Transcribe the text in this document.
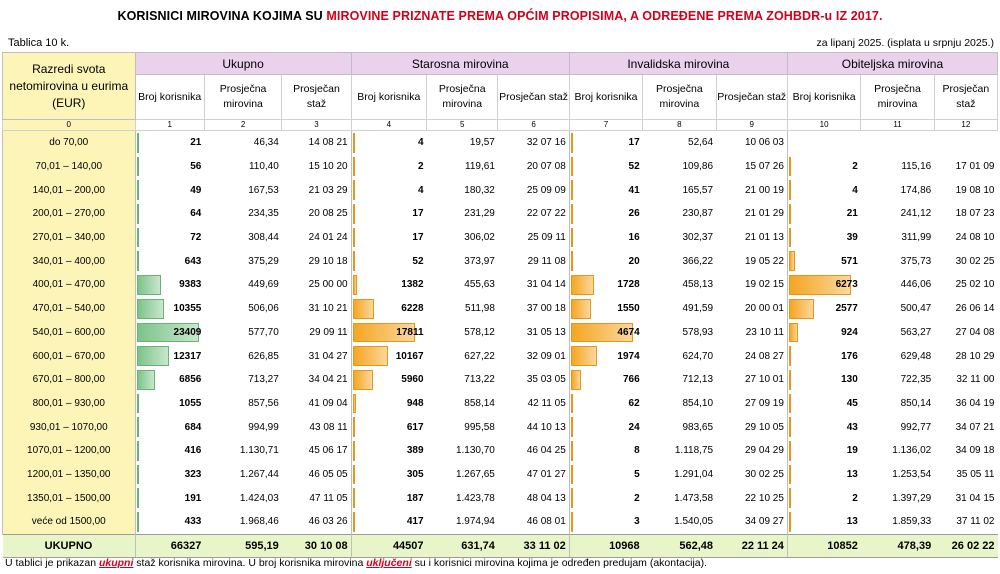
KORISNICI MIROVINA KOJIMA SU MIROVINE PRIZNATE PREMA OPĆIM PROPISIMA, A ODREĐENE PREMA ZOHBDR-u IZ 2017.
Tablica 10 k.	za lipanj 2025. (isplata u srpnju 2025.)
Razredi svota netomirovina u eurima (EUR)	Ukupno			Starosna mirovina			Invalidska mirovina			Obiteljska mirovina		
	Broj korisnika	Prosječna mirovina	Prosječan staž	Broj korisnika	Prosječna mirovina	Prosječan staž	Broj korisnika	Prosječna mirovina	Prosječan staž	Broj korisnika	Prosječna mirovina	Prosječan staž
0	1	2	3	4	5	6	7	8	9	10	11	12
do 70,00	21	46,34	14 08 21	4	19,57	32 07 16	17	52,64	10 06 03			
70,01 – 140,00	56	110,40	15 10 20	2	119,61	20 07 08	52	109,86	15 07 26	2	115,16	17 01 09
140,01 – 200,00	49	167,53	21 03 29	4	180,32	25 09 09	41	165,57	21 00 19	4	174,86	19 08 10
200,01 – 270,00	64	234,35	20 08 25	17	231,29	22 07 22	26	230,87	21 01 29	21	241,12	18 07 23
270,01 – 340,00	72	308,44	24 01 24	17	306,02	25 09 11	16	302,37	21 01 13	39	311,99	24 08 10
340,01 – 400,00	643	375,29	29 10 18	52	373,97	29 11 08	20	366,22	19 05 22	571	375,73	30 02 25
400,01 – 470,00	9383	449,69	25 00 00	1382	455,63	31 04 14	1728	458,13	19 02 15	6273	446,06	25 02 10
470,01 – 540,00	10355	506,06	31 10 21	6228	511,98	37 00 18	1550	491,59	20 00 01	2577	500,47	26 06 14
540,01 – 600,00	23409	577,70	29 09 11	17811	578,12	31 05 13	4674	578,93	23 10 11	924	563,27	27 04 08
600,01 – 670,00	12317	626,85	31 04 27	10167	627,22	32 09 01	1974	624,70	24 08 27	176	629,48	28 10 29
670,01 – 800,00	6856	713,27	34 04 21	5960	713,22	35 03 05	766	712,13	27 10 01	130	722,35	32 11 00
800,01 – 930,00	1055	857,56	41 09 04	948	858,14	42 11 05	62	854,10	27 09 19	45	850,14	36 04 19
930,01 – 1070,00	684	994,99	43 08 11	617	995,58	44 10 13	24	983,65	29 10 05	43	992,77	34 07 21
1070,01 – 1200,00	416	1.130,71	45 06 17	389	1.130,70	46 04 25	8	1.118,75	29 04 29	19	1.136,02	34 09 18
1200,01 – 1350,00	323	1.267,44	46 05 05	305	1.267,65	47 01 27	5	1.291,04	30 02 25	13	1.253,54	35 05 11
1350,01 – 1500,00	191	1.424,03	47 11 05	187	1.423,78	48 04 13	2	1.473,58	22 10 25	2	1.397,29	31 04 15
veće od 1500,00	433	1.968,46	46 03 26	417	1.974,94	46 08 01	3	1.540,05	34 09 27	13	1.859,33	37 11 02
UKUPNO	66327	595,19	30 10 08	44507	631,74	33 11 02	10968	562,48	22 11 24	10852	478,39	26 02 22
U tablici je prikazan ukupni staž korisnika mirovina. U broj korisnika mirovina uključeni su i korisnici mirovina kojima je određen predujam (akontacija).
